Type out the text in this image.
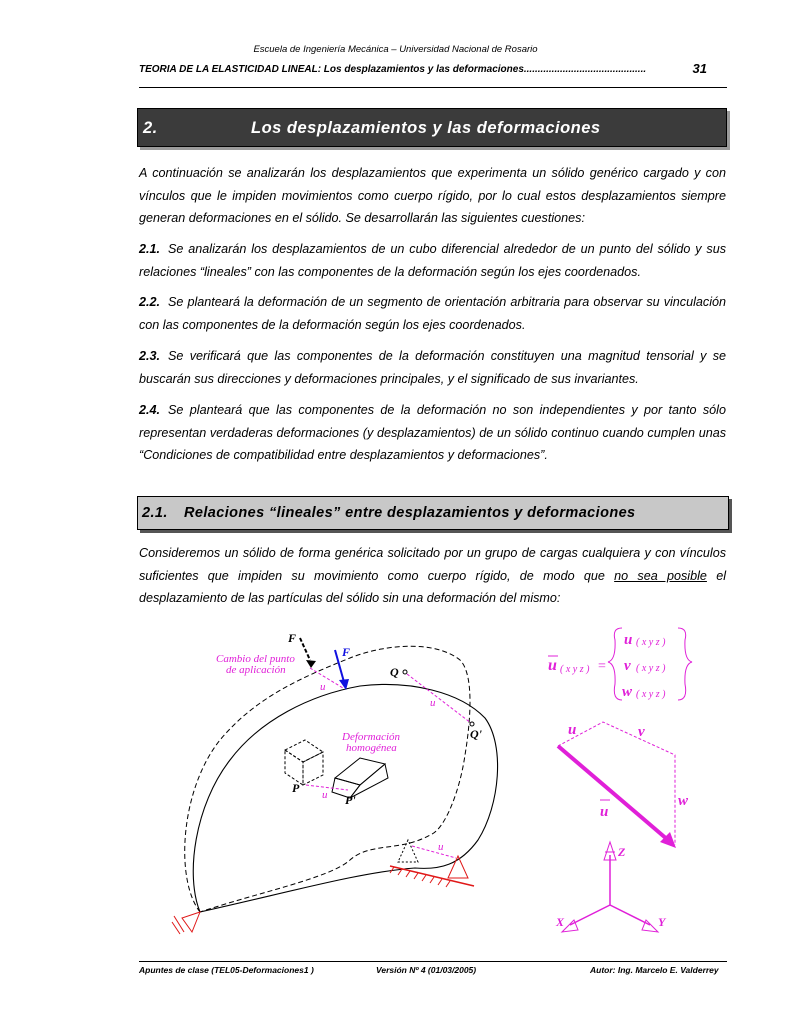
Escuela de Ingeniería Mecánica – Universidad Nacional de Rosario
TEORIA DE LA ELASTICIDAD LINEAL: Los desplazamientos y las deformaciones............................................	31
2.	Los desplazamientos y las deformaciones
A continuación se analizarán los desplazamientos que experimenta un sólido genérico cargado y con vínculos que le impiden movimientos como cuerpo rígido, por lo cual estos desplazamientos siempre generan deformaciones en el sólido. Se desarrollarán las siguientes cuestiones:
2.1. Se analizarán los desplazamientos de un cubo diferencial alrededor de un punto del sólido y sus relaciones “lineales” con las componentes de la deformación según los ejes coordenados.
2.2. Se planteará la deformación de un segmento de orientación arbitraria para observar su vinculación con las componentes de la deformación según los ejes coordenados.
2.3. Se verificará que las componentes de la deformación constituyen una magnitud tensorial y se buscarán sus direcciones y deformaciones principales, y el significado de sus invariantes.
2.4. Se planteará que las componentes de la deformación no son independientes y por tanto sólo representan verdaderas deformaciones (y desplazamientos) de un sólido continuo cuando cumplen unas “Condiciones de compatibilidad entre desplazamientos y deformaciones”.
2.1. Relaciones “lineales” entre desplazamientos y deformaciones
Consideremos un sólido de forma genérica solicitado por un grupo de cargas cualquiera y con vínculos suficientes que impiden su movimiento como cuerpo rígido, de modo que no sea posible el desplazamiento de las partículas del sólido sin una deformación del mismo:
F
F
Cambio del punto
de aplicación
u
Q
u
Q'
P u P'
Deformación
homogénea
u
u ( x y z ) =
u ( x y z )
v ( x y z )
w ( x y z )
u	v
w
u
Z
X	Y
Apuntes de clase (TEL05-Deformaciones1 )	Versión Nº 4 (01/03/2005)	Autor: Ing. Marcelo E. Valderrey
